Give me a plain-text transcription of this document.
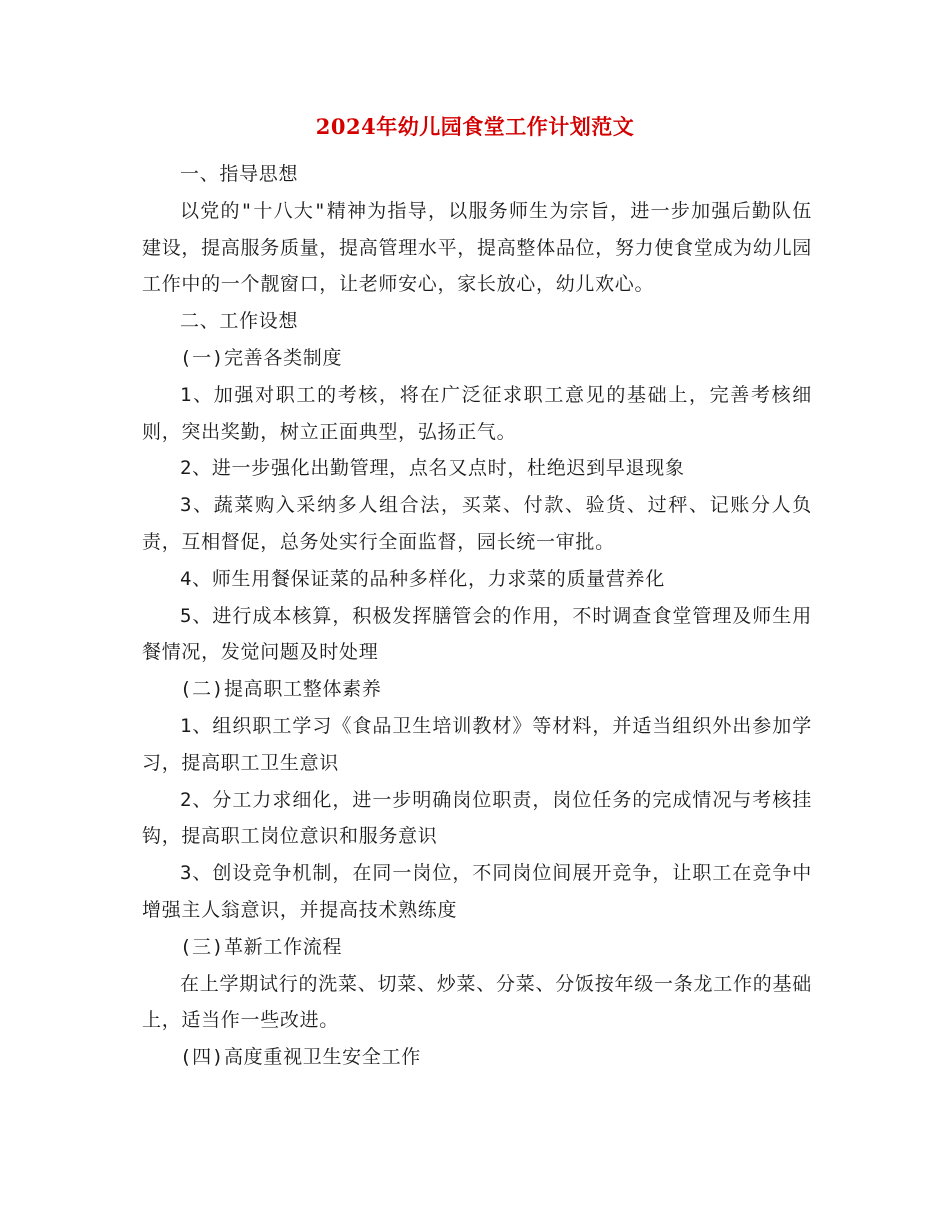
2024年幼儿园食堂工作计划范文

一、指导思想

以党的"十八大"精神为指导，以服务师生为宗旨，进一步加强后勤队伍建设，提高服务质量，提高管理水平，提高整体品位，努力使食堂成为幼儿园工作中的一个靓窗口，让老师安心，家长放心，幼儿欢心。

二、工作设想

(一)完善各类制度

1、加强对职工的考核，将在广泛征求职工意见的基础上，完善考核细则，突出奖勤，树立正面典型，弘扬正气。

2、进一步强化出勤管理，点名又点时，杜绝迟到早退现象

3、蔬菜购入采纳多人组合法，买菜、付款、验货、过秤、记账分人负责，互相督促，总务处实行全面监督，园长统一审批。

4、师生用餐保证菜的品种多样化，力求菜的质量营养化

5、进行成本核算，积极发挥膳管会的作用，不时调查食堂管理及师生用餐情况，发觉问题及时处理

(二)提高职工整体素养

1、组织职工学习《食品卫生培训教材》等材料，并适当组织外出参加学习，提高职工卫生意识

2、分工力求细化，进一步明确岗位职责，岗位任务的完成情况与考核挂钩，提高职工岗位意识和服务意识

3、创设竞争机制，在同一岗位，不同岗位间展开竞争，让职工在竞争中增强主人翁意识，并提高技术熟练度

(三)革新工作流程

在上学期试行的洗菜、切菜、炒菜、分菜、分饭按年级一条龙工作的基础上，适当作一些改进。

(四)高度重视卫生安全工作
